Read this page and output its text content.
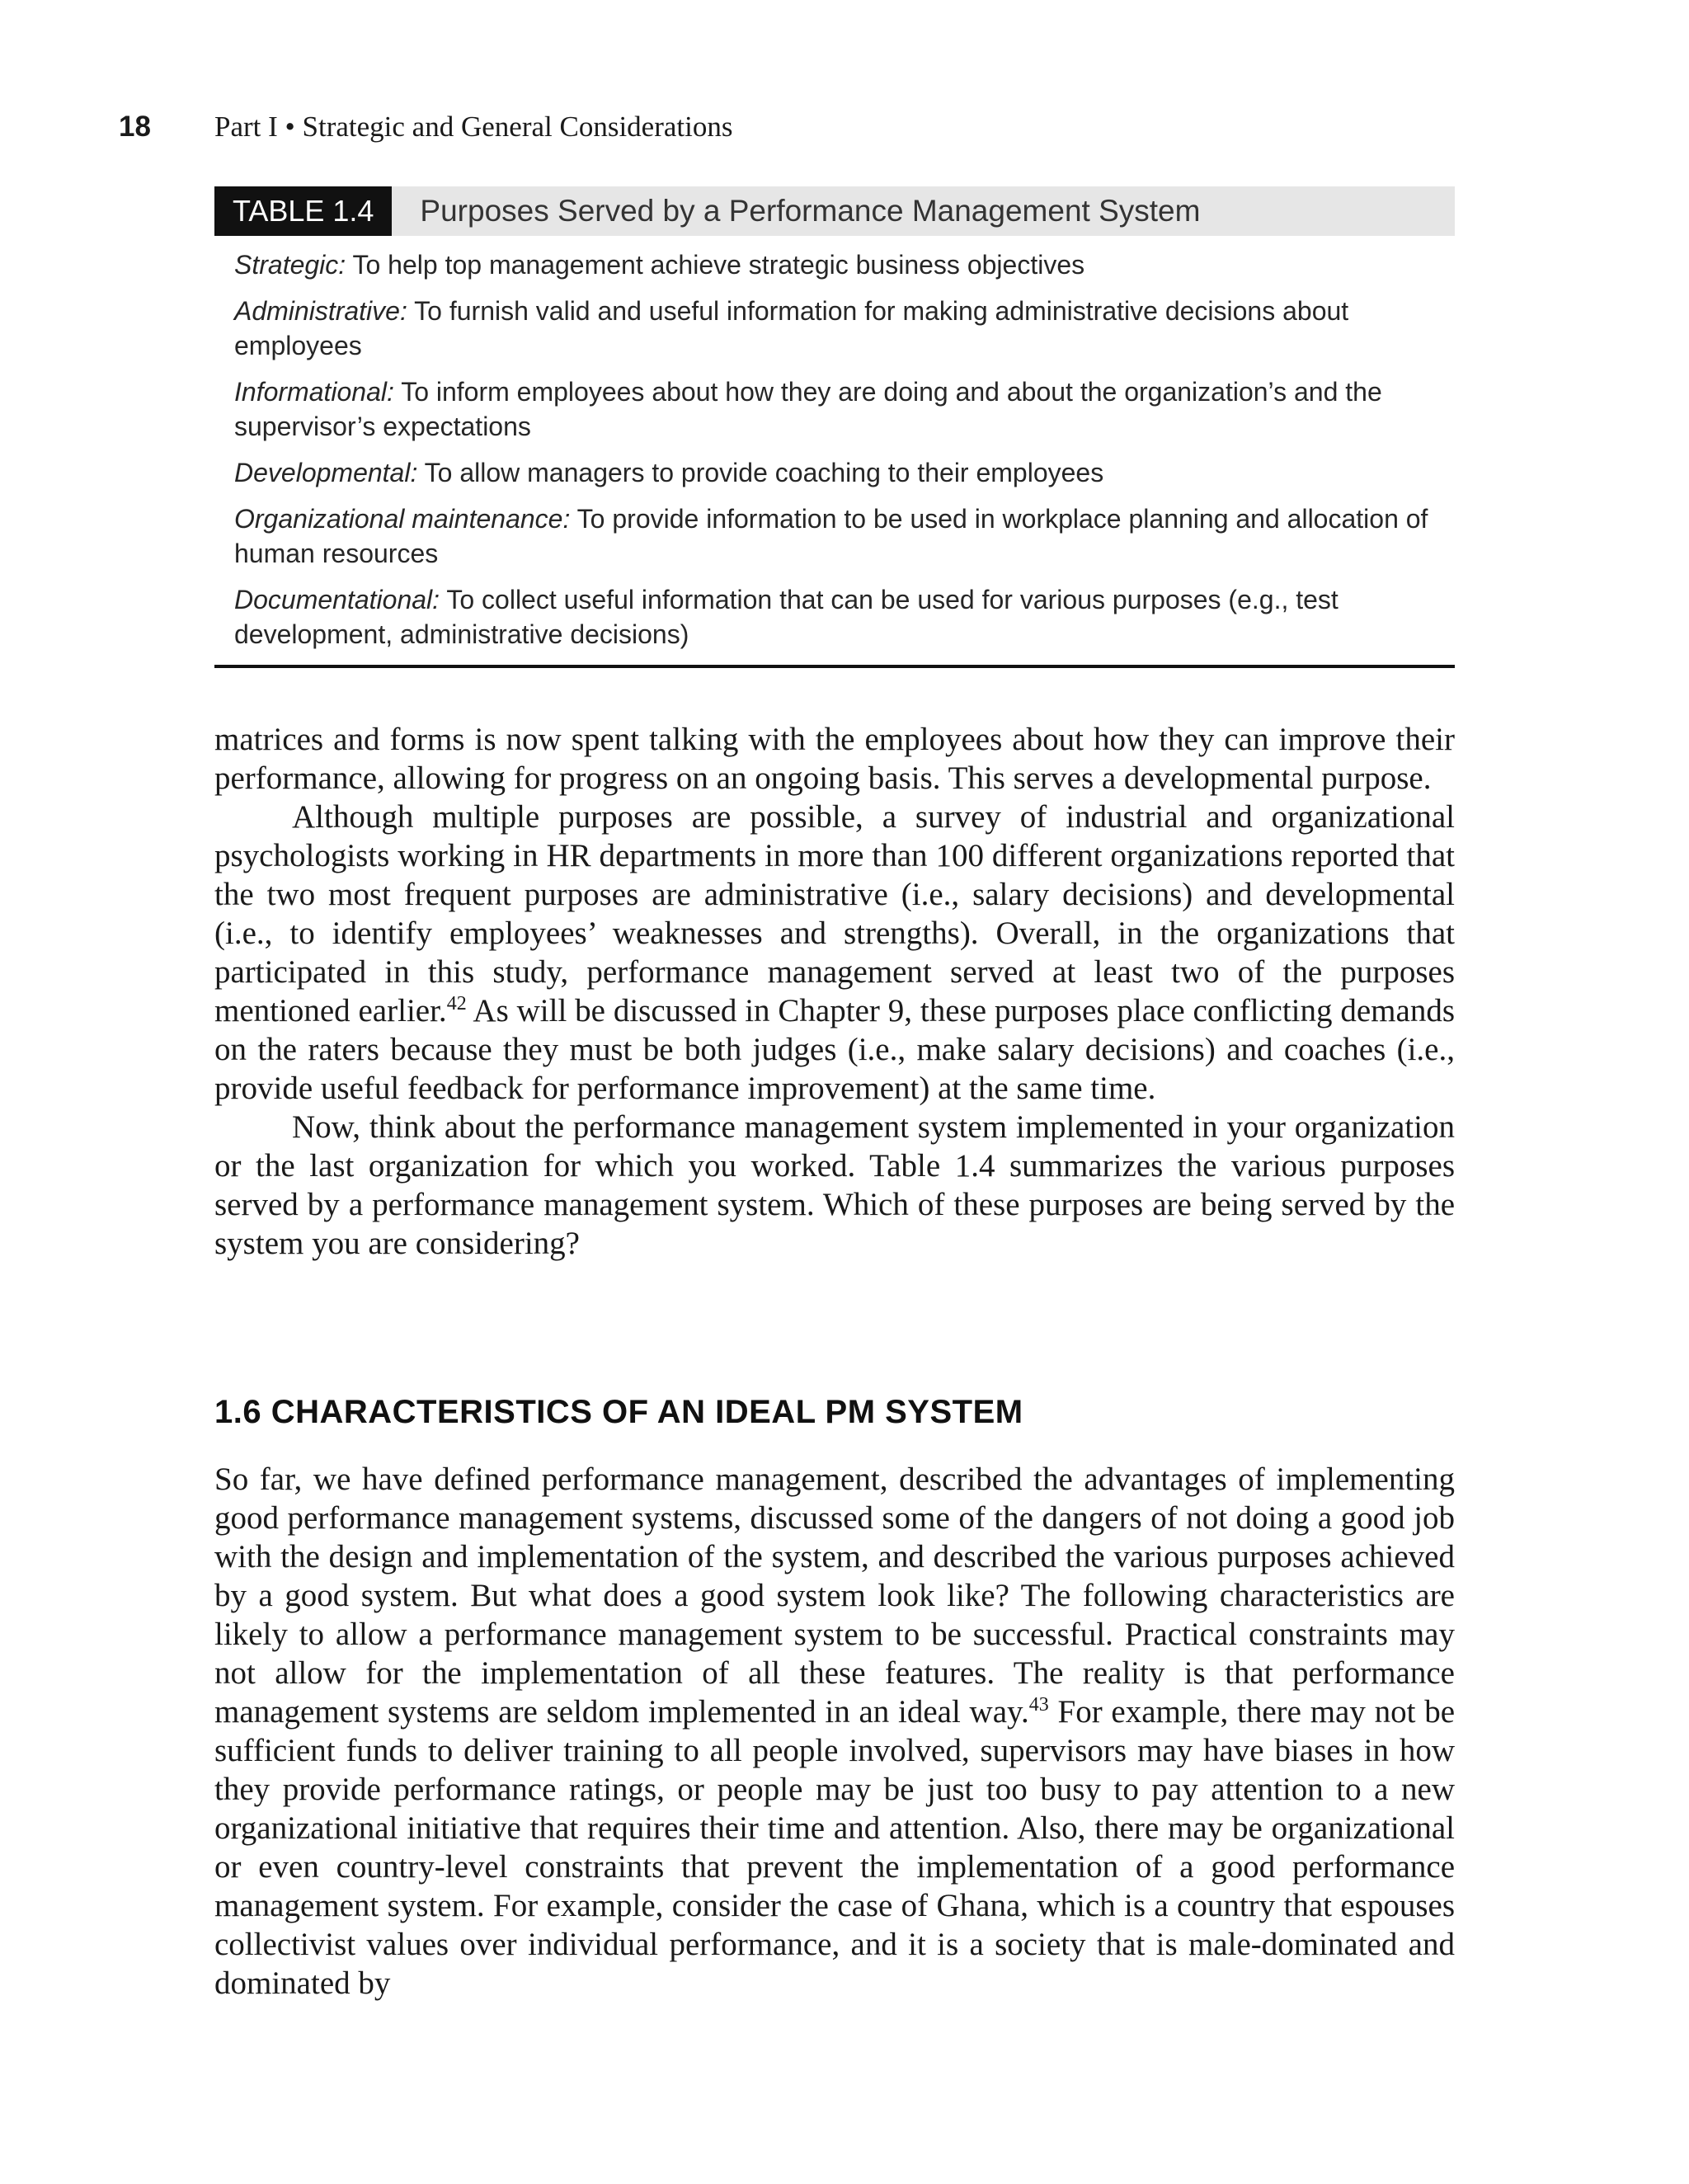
18 Part I • Strategic and General Considerations
TABLE 1.4	Purposes Served by a Performance Management System
Strategic: To help top management achieve strategic business objectives
Administrative: To furnish valid and useful information for making administrative decisions about employees
Informational: To inform employees about how they are doing and about the organization’s and the supervisor’s expectations
Developmental: To allow managers to provide coaching to their employees
Organizational maintenance: To provide information to be used in workplace planning and allocation of human resources
Documentational: To collect useful information that can be used for various purposes (e.g., test development, administrative decisions)

matrices and forms is now spent talking with the employees about how they can improve their performance, allowing for progress on an ongoing basis. This serves a developmental purpose.

Although multiple purposes are possible, a survey of industrial and organizational psychologists working in HR departments in more than 100 different organizations reported that the two most frequent purposes are administrative (i.e., salary decisions) and developmental (i.e., to identify employees’ weaknesses and strengths). Overall, in the organizations that participated in this study, performance management served at least two of the purposes mentioned earlier.$^{42}$ As will be discussed in Chapter 9, these purposes place conflicting demands on the raters because they must be both judges (i.e., make salary decisions) and coaches (i.e., provide useful feedback for performance improvement) at the same time.

Now, think about the performance management system implemented in your organization or the last organization for which you worked. Table 1.4 summarizes the various purposes served by a performance management system. Which of these purposes are being served by the system you are considering?

1.6 CHARACTERISTICS OF AN IDEAL PM SYSTEM

So far, we have defined performance management, described the advantages of implementing good performance management systems, discussed some of the dangers of not doing a good job with the design and implementation of the system, and described the various purposes achieved by a good system. But what does a good system look like? The following characteristics are likely to allow a performance management system to be successful. Practical constraints may not allow for the implementation of all these features. The reality is that performance management systems are seldom implemented in an ideal way.$^{43}$ For example, there may not be sufficient funds to deliver training to all people involved, supervisors may have biases in how they provide performance ratings, or people may be just too busy to pay attention to a new organizational initiative that requires their time and attention. Also, there may be organizational or even country-level constraints that prevent the implementation of a good performance management system. For example, consider the case of Ghana, which is a country that espouses collectivist values over individual performance, and it is a society that is male-dominated and dominated by
